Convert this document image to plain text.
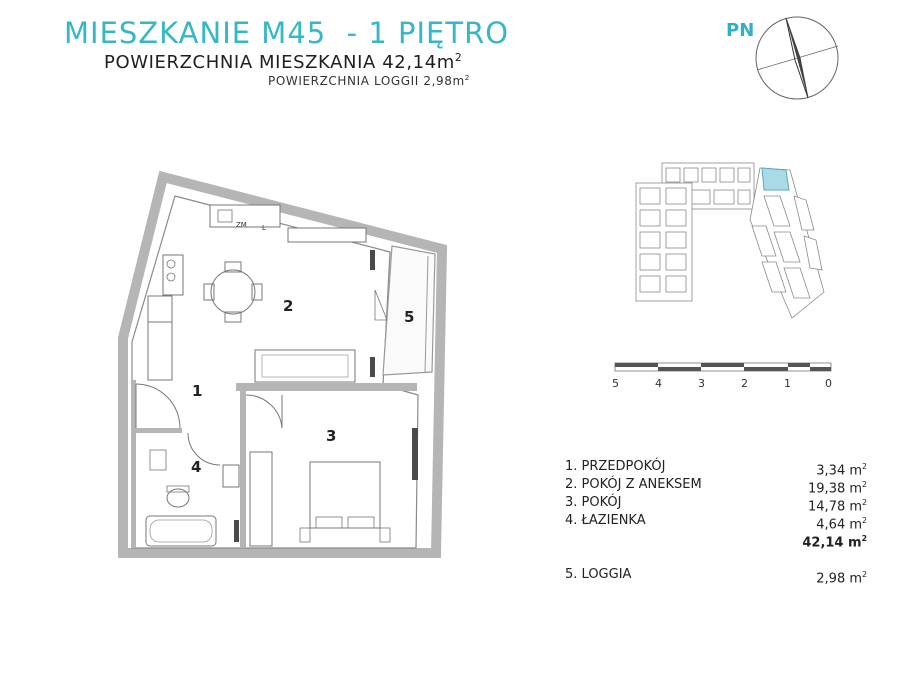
MIESZKANIE M45  - 1 PIĘTRO
POWIERZCHNIA MIESZKANIA $42,14m^2$
POWIERZCHNIA LOGGII $2,98m^2$
PN
ZM L
1
2
3
4
5
5	4	3	2	1	0
1. PRZEDPOKÓJ	3,34 $m^2$
2. POKÓJ Z ANEKSEM	19,38 $m^2$
3. POKÓJ	14,78 $m^2$
4. ŁAZIENKA	4,64 $m^2$
42,14 $m^2$
5. LOGGIA	2,98 $m^2$
